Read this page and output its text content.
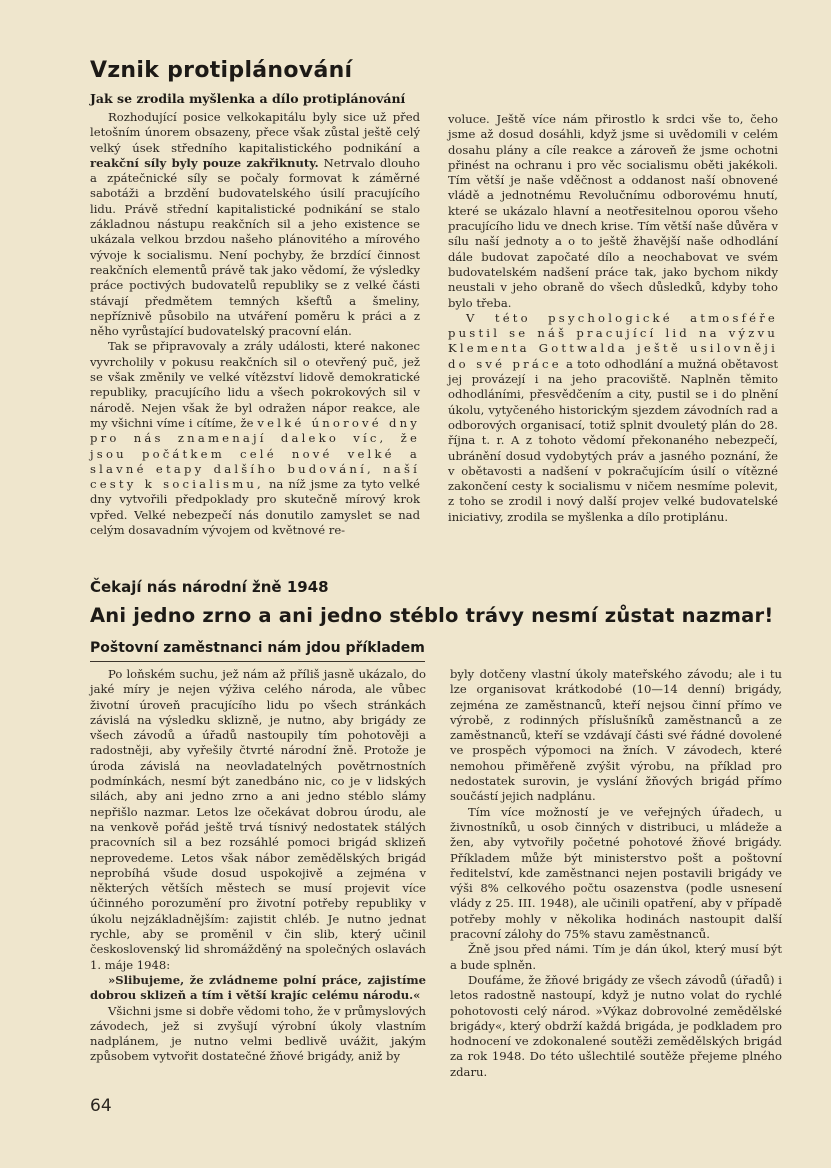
Vznik protiplánování
Jak se zrodila myšlenka a dílo protiplánování

Rozhodující posice velkokapitálu byly sice už před letošním únorem obsazeny, přece však zůstal ještě celý velký úsek středního kapitalistického podnikání a reakční síly byly pouze zakřiknuty. Netrvalo dlouho a zpátečnické síly se počaly formovat k záměrné sabotáži a brzdění budovatelského úsilí pracujícího lidu. Právě střední kapitalistické podnikání se stalo základnou nástupu reakčních sil a jeho existence se ukázala velkou brzdou našeho plánovitého a mírového vývoje k socialismu. Není pochyby, že brzdící činnost reakčních elementů právě tak jako vědomí, že výsledky práce poctivých budovatelů republiky se z velké části stávají předmětem temných kšeftů a šmeliny, nepříznivě působilo na utváření poměru k práci a z něho vyrůstající budovatelský pracovní elán.

Tak se připravovaly a zrály události, které nakonec vyvrcholily v pokusu reakčních sil o otevřený puč, jež se však změnily ve velké vítězství lidově demokratické republiky, pracujícího lidu a všech pokrokových sil v národě. Nejen však že byl odražen nápor reakce, ale my všichni víme i cítíme, že velké únorové dny pro nás znamenají daleko víc, že jsou počátkem celé nové velké a slavné etapy dalšího budování, naší cesty k socialismu, na níž jsme za tyto velké dny vytvořili předpoklady pro skutečně mírový krok vpřed. Velké nebezpečí nás donutilo zamyslet se nad celým dosavadním vývojem od květnové re-

voluce. Ještě více nám přirostlo k srdci vše to, čeho jsme až dosud dosáhli, když jsme si uvědomili v celém dosahu plány a cíle reakce a zároveň že jsme ochotni přinést na ochranu i pro věc socialismu oběti jakékoli. Tím větší je naše vděčnost a oddanost naší obnovené vládě a jednotnému Revolučnímu odborovému hnutí, které se ukázalo hlavní a neotřesitelnou oporou všeho pracujícího lidu ve dnech krise. Tím větší naše důvěra v sílu naší jednoty a o to ještě žhavější naše odhodlání dále budovat započaté dílo a neochabovat ve svém budovatelském nadšení práce tak, jako bychom nikdy neustali v jeho obraně do všech důsledků, kdyby toho bylo třeba.

V této psychologické atmosféře pustil se náš pracující lid na výzvu Klementa Gottwalda ještě usilovněji do své práce a toto odhodlání a mužná obětavost jej provázejí i na jeho pracoviště. Naplněn těmito odhodláními, přesvědčením a city, pustil se i do plnění úkolu, vytyčeného historickým sjezdem závodních rad a odborových organisací, totiž splnit dvouletý plán do 28. října t. r. A z tohoto vědomí překonaného nebezpečí, ubránění dosud vydobytých práv a jasného poznání, že v obětavosti a nadšení v pokračujícím úsilí o vítězné zakončení cesty k socialismu v ničem nesmíme polevit, z toho se zrodil i nový další projev velké budovatelské iniciativy, zrodila se myšlenka a dílo protiplánu.

Čekají nás národní žně 1948
Ani jedno zrno a ani jedno stéblo trávy nesmí zůstat nazmar!
Poštovní zaměstnanci nám jdou příkladem

Po loňském suchu, jež nám až příliš jasně ukázalo, do jaké míry je nejen výživa celého národa, ale vůbec životní úroveň pracujícího lidu po všech stránkách závislá na výsledku sklizně, je nutno, aby brigády ze všech závodů a úřadů nastoupily tím pohotověji a radostněji, aby vyřešily čtvrté národní žně. Protože je úroda závislá na neovladatelných povětrnostních podmínkách, nesmí být zanedbáno nic, co je v lidských silách, aby ani jedno zrno a ani jedno stéblo slámy nepřišlo nazmar. Letos lze očekávat dobrou úrodu, ale na venkově pořád ještě trvá tísnivý nedostatek stálých pracovních sil a bez rozsáhlé pomoci brigád sklizeň neprovedeme. Letos však nábor zemědělských brigád neprobíhá všude dosud uspokojivě a zejména v některých větších městech se musí projevit více účinného porozumění pro životní potřeby republiky v úkolu nejzákladnějším: zajistit chléb. Je nutno jednat rychle, aby se proměnil v čin slib, který učinil československý lid shromážděný na společných oslavách 1. máje 1948:

»Slibujeme, že zvládneme polní práce, zajistíme dobrou sklizeň a tím i větší krajíc celému národu.«

Všichni jsme si dobře vědomi toho, že v průmyslových závodech, jež si zvyšují výrobní úkoly vlastním nadplánem, je nutno velmi bedlivě uvážit, jakým způsobem vytvořit dostatečné žňové brigády, aniž by

byly dotčeny vlastní úkoly mateřského závodu; ale i tu lze organisovat krátkodobé (10—14 denní) brigády, zejména ze zaměstnanců, kteří nejsou činní přímo ve výrobě, z rodinných příslušníků zaměstnanců a ze zaměstnanců, kteří se vzdávají části své řádné dovolené ve prospěch výpomoci na žních. V závodech, které nemohou přiměřeně zvýšit výrobu, na příklad pro nedostatek surovin, je vyslání žňových brigád přímo součástí jejich nadplánu.

Tím více možností je ve veřejných úřadech, u živnostníků, u osob činných v distribuci, u mládeže a žen, aby vytvořily početné pohotové žňové brigády. Příkladem může být ministerstvo pošt a poštovní ředitelství, kde zaměstnanci nejen postavili brigády ve výši 8% celkového počtu osazenstva (podle usnesení vlády z 25. III. 1948), ale učinili opatření, aby v případě potřeby mohly v několika hodinách nastoupit další pracovní zálohy do 75% stavu zaměstnanců.

Žně jsou před námi. Tím je dán úkol, který musí být a bude splněn.

Doufáme, že žňové brigády ze všech závodů (úřadů) i letos radostně nastoupí, když je nutno volat do rychlé pohotovosti celý národ. »Výkaz dobrovolné zemědělské brigády«, který obdrží každá brigáda, je podkladem pro hodnocení ve zdokonalené soutěži zemědělských brigád za rok 1948. Do této ušlechtilé soutěže přejeme plného zdaru.

64
